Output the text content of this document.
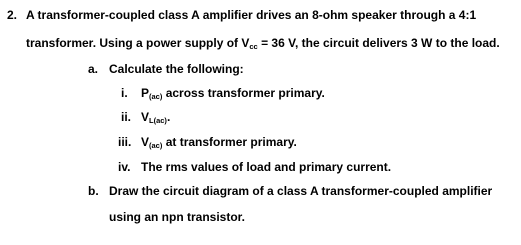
2. A transformer-coupled class A amplifier drives an 8-ohm speaker through a 4:1
transformer. Using a power supply of $V_{cc} = 36$ V, the circuit delivers 3 W to the load.
a. Calculate the following:
i. $P_{(ac)}$ across transformer primary.
ii. $V_{L(ac)}$.
iii. $V_{(ac)}$ at transformer primary.
iv. The rms values of load and primary current.
b. Draw the circuit diagram of a class A transformer-coupled amplifier
using an npn transistor.
